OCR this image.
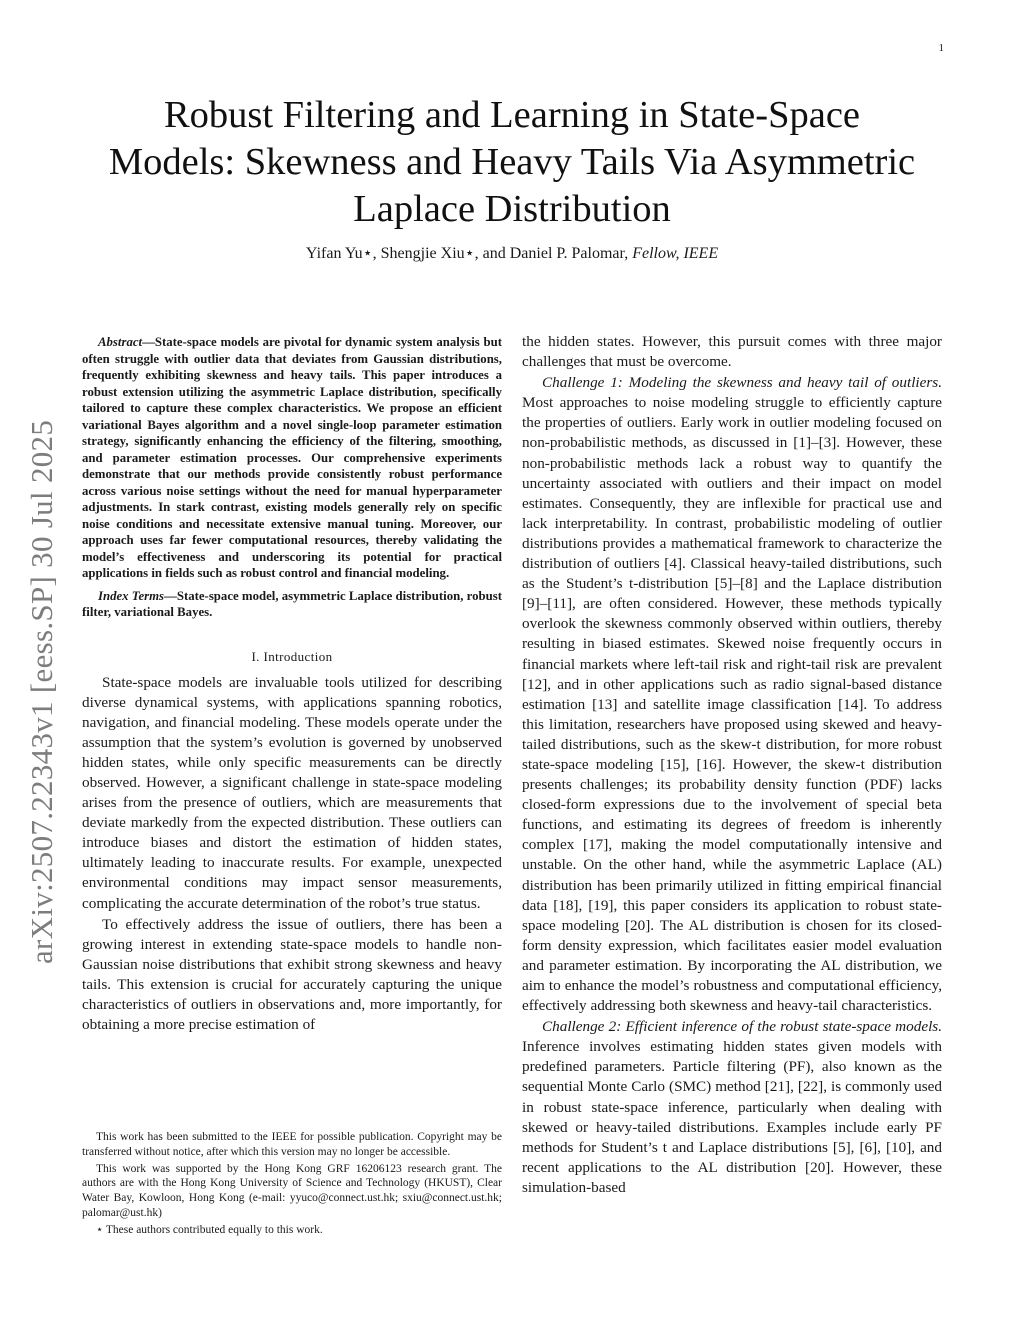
1
arXiv:2507.22343v1 [eess.SP] 30 Jul 2025
Robust Filtering and Learning in State-Space
Models: Skewness and Heavy Tails Via Asymmetric
Laplace Distribution
Yifan Yu⋆, Shengjie Xiu⋆, and Daniel P. Palomar, Fellow, IEEE

Abstract—State-space models are pivotal for dynamic system analysis but often struggle with outlier data that deviates from Gaussian distributions, frequently exhibiting skewness and heavy tails. This paper introduces a robust extension utilizing the asymmetric Laplace distribution, specifically tailored to capture these complex characteristics. We propose an efficient variational Bayes algorithm and a novel single-loop parameter estimation strategy, significantly enhancing the efficiency of the filtering, smoothing, and parameter estimation processes. Our comprehensive experiments demonstrate that our methods provide consistently robust performance across various noise settings without the need for manual hyperparameter adjustments. In stark contrast, existing models generally rely on specific noise conditions and necessitate extensive manual tuning. Moreover, our approach uses far fewer computational resources, thereby validating the model’s effectiveness and underscoring its potential for practical applications in fields such as robust control and financial modeling.

Index Terms—State-space model, asymmetric Laplace distribution, robust filter, variational Bayes.

I. Introduction

State-space models are invaluable tools utilized for describing diverse dynamical systems, with applications spanning robotics, navigation, and financial modeling. These models operate under the assumption that the system’s evolution is governed by unobserved hidden states, while only specific measurements can be directly observed. However, a significant challenge in state-space modeling arises from the presence of outliers, which are measurements that deviate markedly from the expected distribution. These outliers can introduce biases and distort the estimation of hidden states, ultimately leading to inaccurate results. For example, unexpected environmental conditions may impact sensor measurements, complicating the accurate determination of the robot’s true status.

To effectively address the issue of outliers, there has been a growing interest in extending state-space models to handle non-Gaussian noise distributions that exhibit strong skewness and heavy tails. This extension is crucial for accurately capturing the unique characteristics of outliers in observations and, more importantly, for obtaining a more precise estimation of

This work has been submitted to the IEEE for possible publication. Copyright may be transferred without notice, after which this version may no longer be accessible.

This work was supported by the Hong Kong GRF 16206123 research grant. The authors are with the Hong Kong University of Science and Technology (HKUST), Clear Water Bay, Kowloon, Hong Kong (e-mail: yyuco@connect.ust.hk; sxiu@connect.ust.hk; palomar@ust.hk)

⋆ These authors contributed equally to this work.

the hidden states. However, this pursuit comes with three major challenges that must be overcome.

Challenge 1: Modeling the skewness and heavy tail of outliers. Most approaches to noise modeling struggle to efficiently capture the properties of outliers. Early work in outlier modeling focused on non-probabilistic methods, as discussed in [1]–[3]. However, these non-probabilistic methods lack a robust way to quantify the uncertainty associated with outliers and their impact on model estimates. Consequently, they are inflexible for practical use and lack interpretability. In contrast, probabilistic modeling of outlier distributions provides a mathematical framework to characterize the distribution of outliers [4]. Classical heavy-tailed distributions, such as the Student’s t-distribution [5]–[8] and the Laplace distribution [9]–[11], are often considered. However, these methods typically overlook the skewness commonly observed within outliers, thereby resulting in biased estimates. Skewed noise frequently occurs in financial markets where left-tail risk and right-tail risk are prevalent [12], and in other applications such as radio signal-based distance estimation [13] and satellite image classification [14]. To address this limitation, researchers have proposed using skewed and heavy-tailed distributions, such as the skew-t distribution, for more robust state-space modeling [15], [16]. However, the skew-t distribution presents challenges; its probability density function (PDF) lacks closed-form expressions due to the involvement of special beta functions, and estimating its degrees of freedom is inherently complex [17], making the model computationally intensive and unstable. On the other hand, while the asymmetric Laplace (AL) distribution has been primarily utilized in fitting empirical financial data [18], [19], this paper considers its application to robust state-space modeling [20]. The AL distribution is chosen for its closed-form density expression, which facilitates easier model evaluation and parameter estimation. By incorporating the AL distribution, we aim to enhance the model’s robustness and computational efficiency, effectively addressing both skewness and heavy-tail characteristics.

Challenge 2: Efficient inference of the robust state-space models. Inference involves estimating hidden states given models with predefined parameters. Particle filtering (PF), also known as the sequential Monte Carlo (SMC) method [21], [22], is commonly used in robust state-space inference, particularly when dealing with skewed or heavy-tailed distributions. Examples include early PF methods for Student’s t and Laplace distributions [5], [6], [10], and recent applications to the AL distribution [20]. However, these simulation-based
